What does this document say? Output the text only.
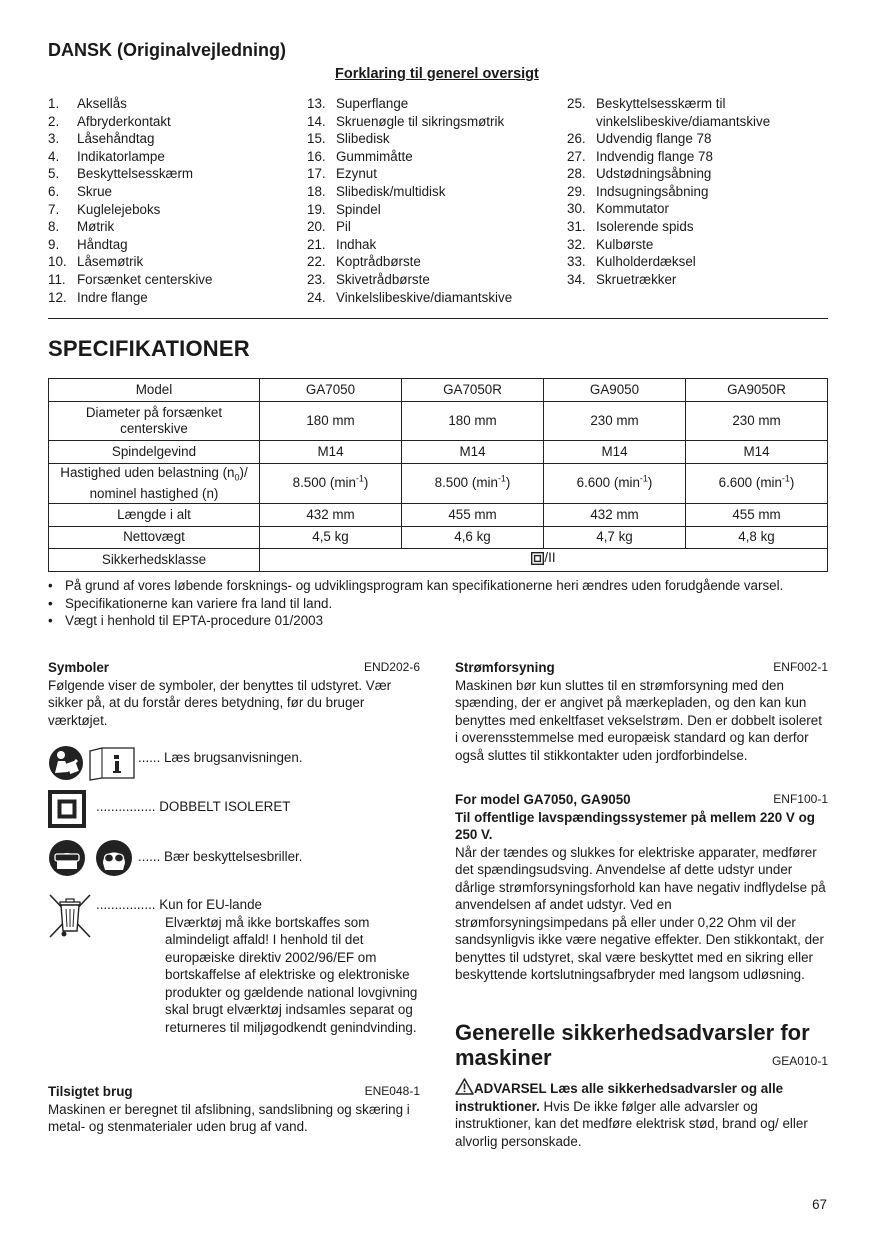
DANSK (Originalvejledning)
Forklaring til generel oversigt
1.	Aksellås
2.	Afbryderkontakt
3.	Låsehåndtag
4.	Indikatorlampe
5.	Beskyttelsesskærm
6.	Skrue
7.	Kuglelejeboks
8.	Møtrik
9.	Håndtag
10. Låsemøtrik
11. Forsænket centerskive
12. Indre flange
13. Superflange
14. Skruenøgle til sikringsmøtrik
15. Slibedisk
16. Gummimåtte
17. Ezynut
18. Slibedisk/multidisk
19. Spindel
20. Pil
21. Indhak
22. Koptrådbørste
23. Skivetrådbørste
24. Vinkelslibeskive/diamantskive
25. Beskyttelsesskærm til vinkelslibeskive/diamantskive
26. Udvendig flange 78
27. Indvendig flange 78
28. Udstødningsåbning
29. Indsugningsåbning
30. Kommutator
31. Isolerende spids
32. Kulbørste
33. Kulholderdæksel
34. Skruetrækker
SPECIFIKATIONER
Model	GA7050	GA7050R	GA9050	GA9050R
Diameter på forsænket centerskive	180 mm	180 mm	230 mm	230 mm
Spindelgevind	M14	M14	M14	M14
Hastighed uden belastning $(n_0)/$ nominel hastighed (n)	8.500 $(\min^{-1})$	8.500 $(\min^{-1})$	6.600 $(\min^{-1})$	6.600 $(\min^{-1})$
Længde i alt	432 mm	455 mm	432 mm	455 mm
Nettovægt	4,5 kg	4,6 kg	4,7 kg	4,8 kg
Sikkerhedsklasse	/II			
• På grund af vores løbende forsknings- og udviklingsprogram kan specifikationerne heri ændres uden forudgående varsel.
• Specifikationerne kan variere fra land til land.
• Vægt i henhold til EPTA-procedure 01/2003
Symboler	END202-6
Følgende viser de symboler, der benyttes til udstyret. Vær sikker på, at du forstår deres betydning, før du bruger værktøjet.
...... Læs brugsanvisningen.
................ DOBBELT ISOLERET
...... Bær beskyttelsesbriller.
................ Kun for EU-lande
Elværktøj må ikke bortskaffes som almindeligt affald! I henhold til det europæiske direktiv 2002/96/EF om bortskaffelse af elektriske og elektroniske produkter og gældende national lovgivning skal brugt elværktøj indsamles separat og returneres til miljøgodkendt genindvinding.
Tilsigtet brug	ENE048-1
Maskinen er beregnet til afslibning, sandslibning og skæring i metal- og stenmaterialer uden brug af vand.
Strømforsyning	ENF002-1
Maskinen bør kun sluttes til en strømforsyning med den spænding, der er angivet på mærkepladen, og den kan kun benyttes med enkeltfaset vekselstrøm. Den er dobbelt isoleret i overensstemmelse med europæisk standard og kan derfor også sluttes til stikkontakter uden jordforbindelse.
For model GA7050, GA9050	ENF100-1
Til offentlige lavspændingssystemer på mellem 220 V og 250 V.
Når der tændes og slukkes for elektriske apparater, medfører det spændingsudsving. Anvendelse af dette udstyr under dårlige strømforsyningsforhold kan have negativ indflydelse på anvendelsen af andet udstyr. Ved en strømforsyningsimpedans på eller under 0,22 Ohm vil der sandsynligvis ikke være negative effekter. Den stikkontakt, der benyttes til udstyret, skal være beskyttet med en sikring eller beskyttende kortslutningsafbryder med langsom udløsning.
Generelle sikkerhedsadvarsler for
maskiner	GEA010-1
ADVARSEL Læs alle sikkerhedsadvarsler og alle instruktioner. Hvis De ikke følger alle advarsler og instruktioner, kan det medføre elektrisk stød, brand og/ eller alvorlig personskade.
67
